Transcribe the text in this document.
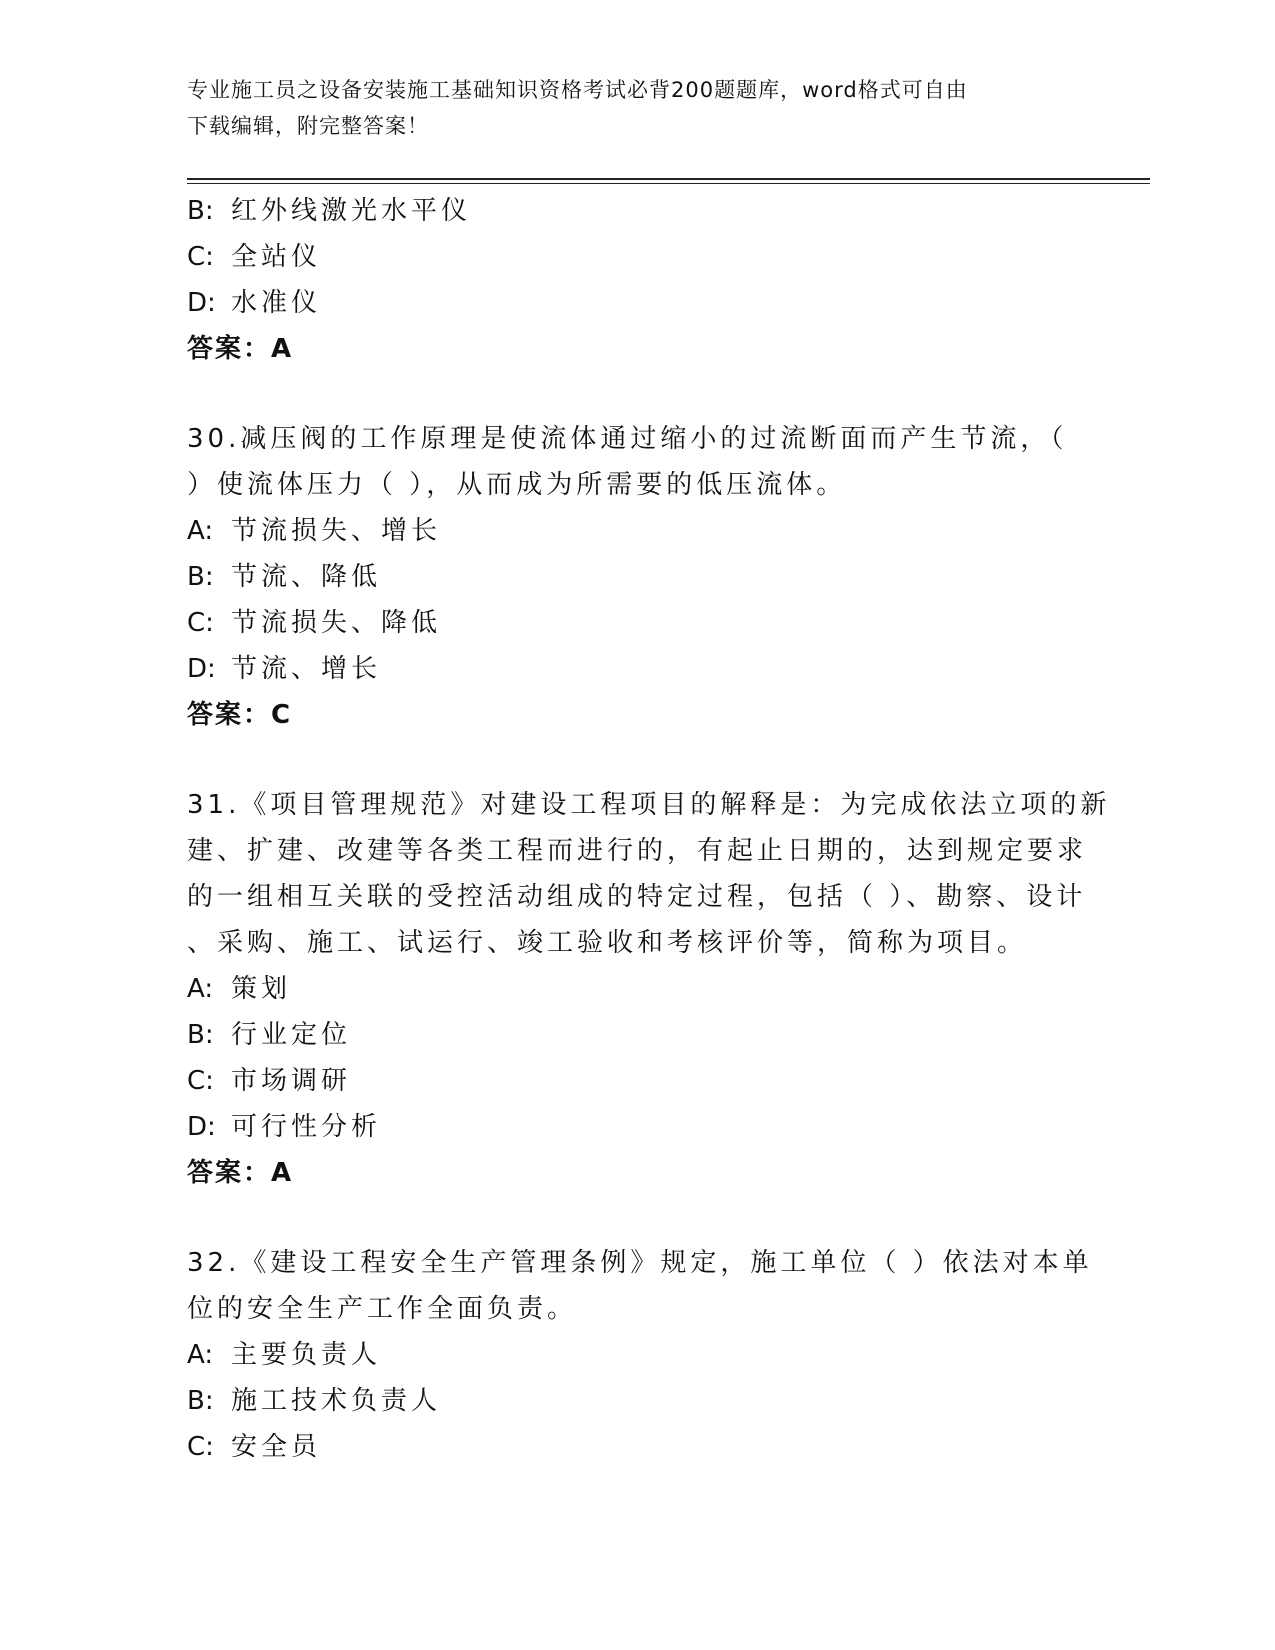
专业施工员之设备安装施工基础知识资格考试必背200题题库，word格式可自由
下载编辑，附完整答案！
B: 红外线激光水平仪
C: 全站仪
D: 水准仪
答案：A
30.减压阀的工作原理是使流体通过缩小的过流断面而产生节流，（
）使流体压力（ ），从而成为所需要的低压流体。
A: 节流损失、增长
B: 节流、降低
C: 节流损失、降低
D: 节流、增长
答案：C
31.《项目管理规范》对建设工程项目的解释是：为完成依法立项的新
建、扩建、改建等各类工程而进行的，有起止日期的，达到规定要求
的一组相互关联的受控活动组成的特定过程，包括（ ）、勘察、设计
、采购、施工、试运行、竣工验收和考核评价等，简称为项目。
A: 策划
B: 行业定位
C: 市场调研
D: 可行性分析
答案：A
32.《建设工程安全生产管理条例》规定，施工单位（ ）依法对本单
位的安全生产工作全面负责。
A: 主要负责人
B: 施工技术负责人
C: 安全员
